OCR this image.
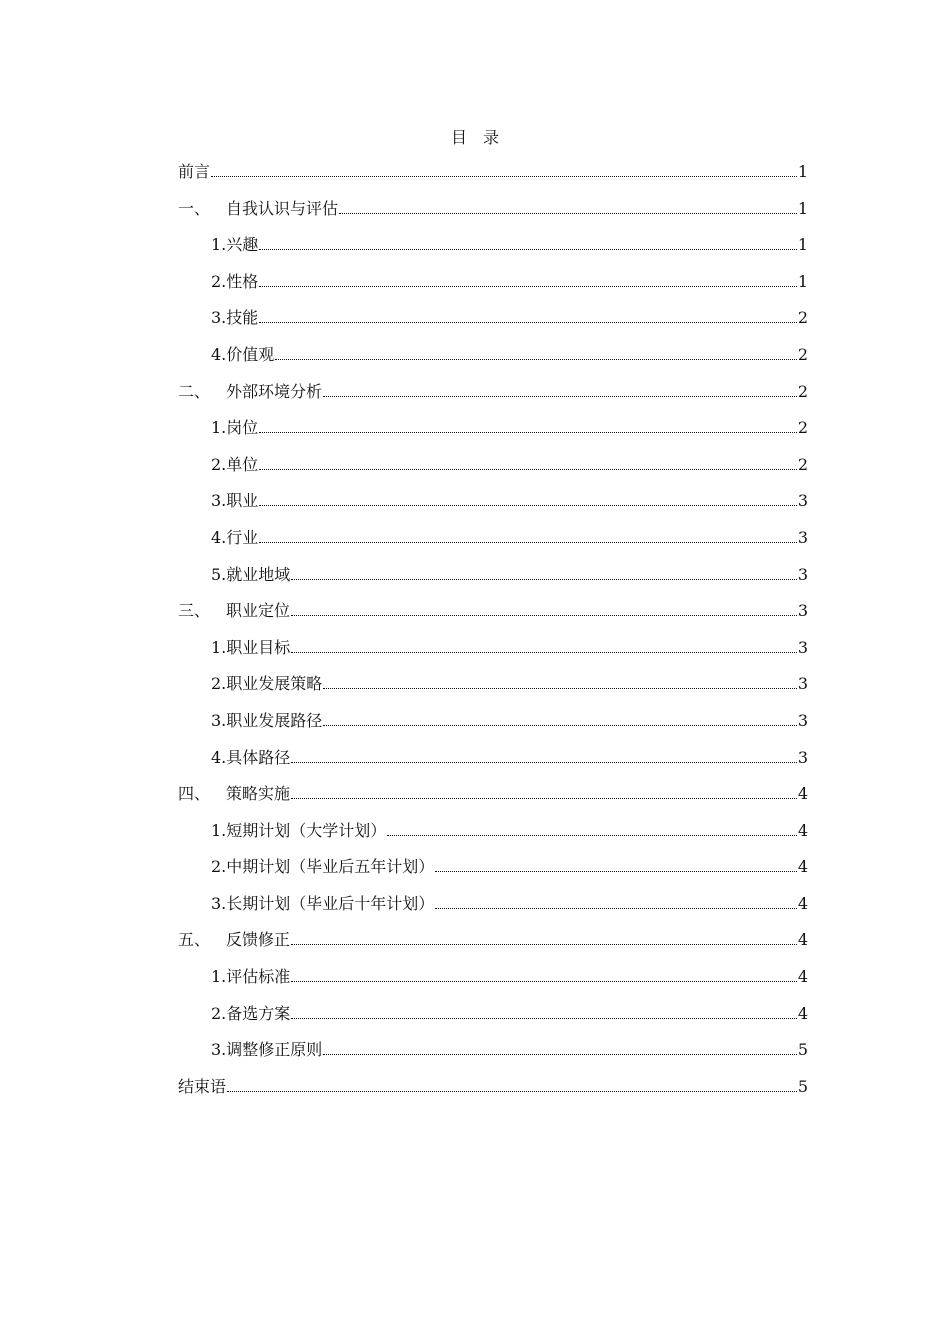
目　录
前言	1
一、 自我认识与评估	1
1. 兴趣	1
2. 性格	1
3. 技能	2
4. 价值观	2
二、 外部环境分析	2
1. 岗位	2
2. 单位	2
3. 职业	3
4. 行业	3
5. 就业地域	3
三、 职业定位	3
1. 职业目标	3
2. 职业发展策略	3
3. 职业发展路径	3
4. 具体路径	3
四、 策略实施	4
1. 短期计划（大学计划）	4
2. 中期计划（毕业后五年计划）	4
3. 长期计划（毕业后十年计划）	4
五、 反馈修正	4
1. 评估标准	4
2. 备选方案	4
3. 调整修正原则	5
结束语	5
